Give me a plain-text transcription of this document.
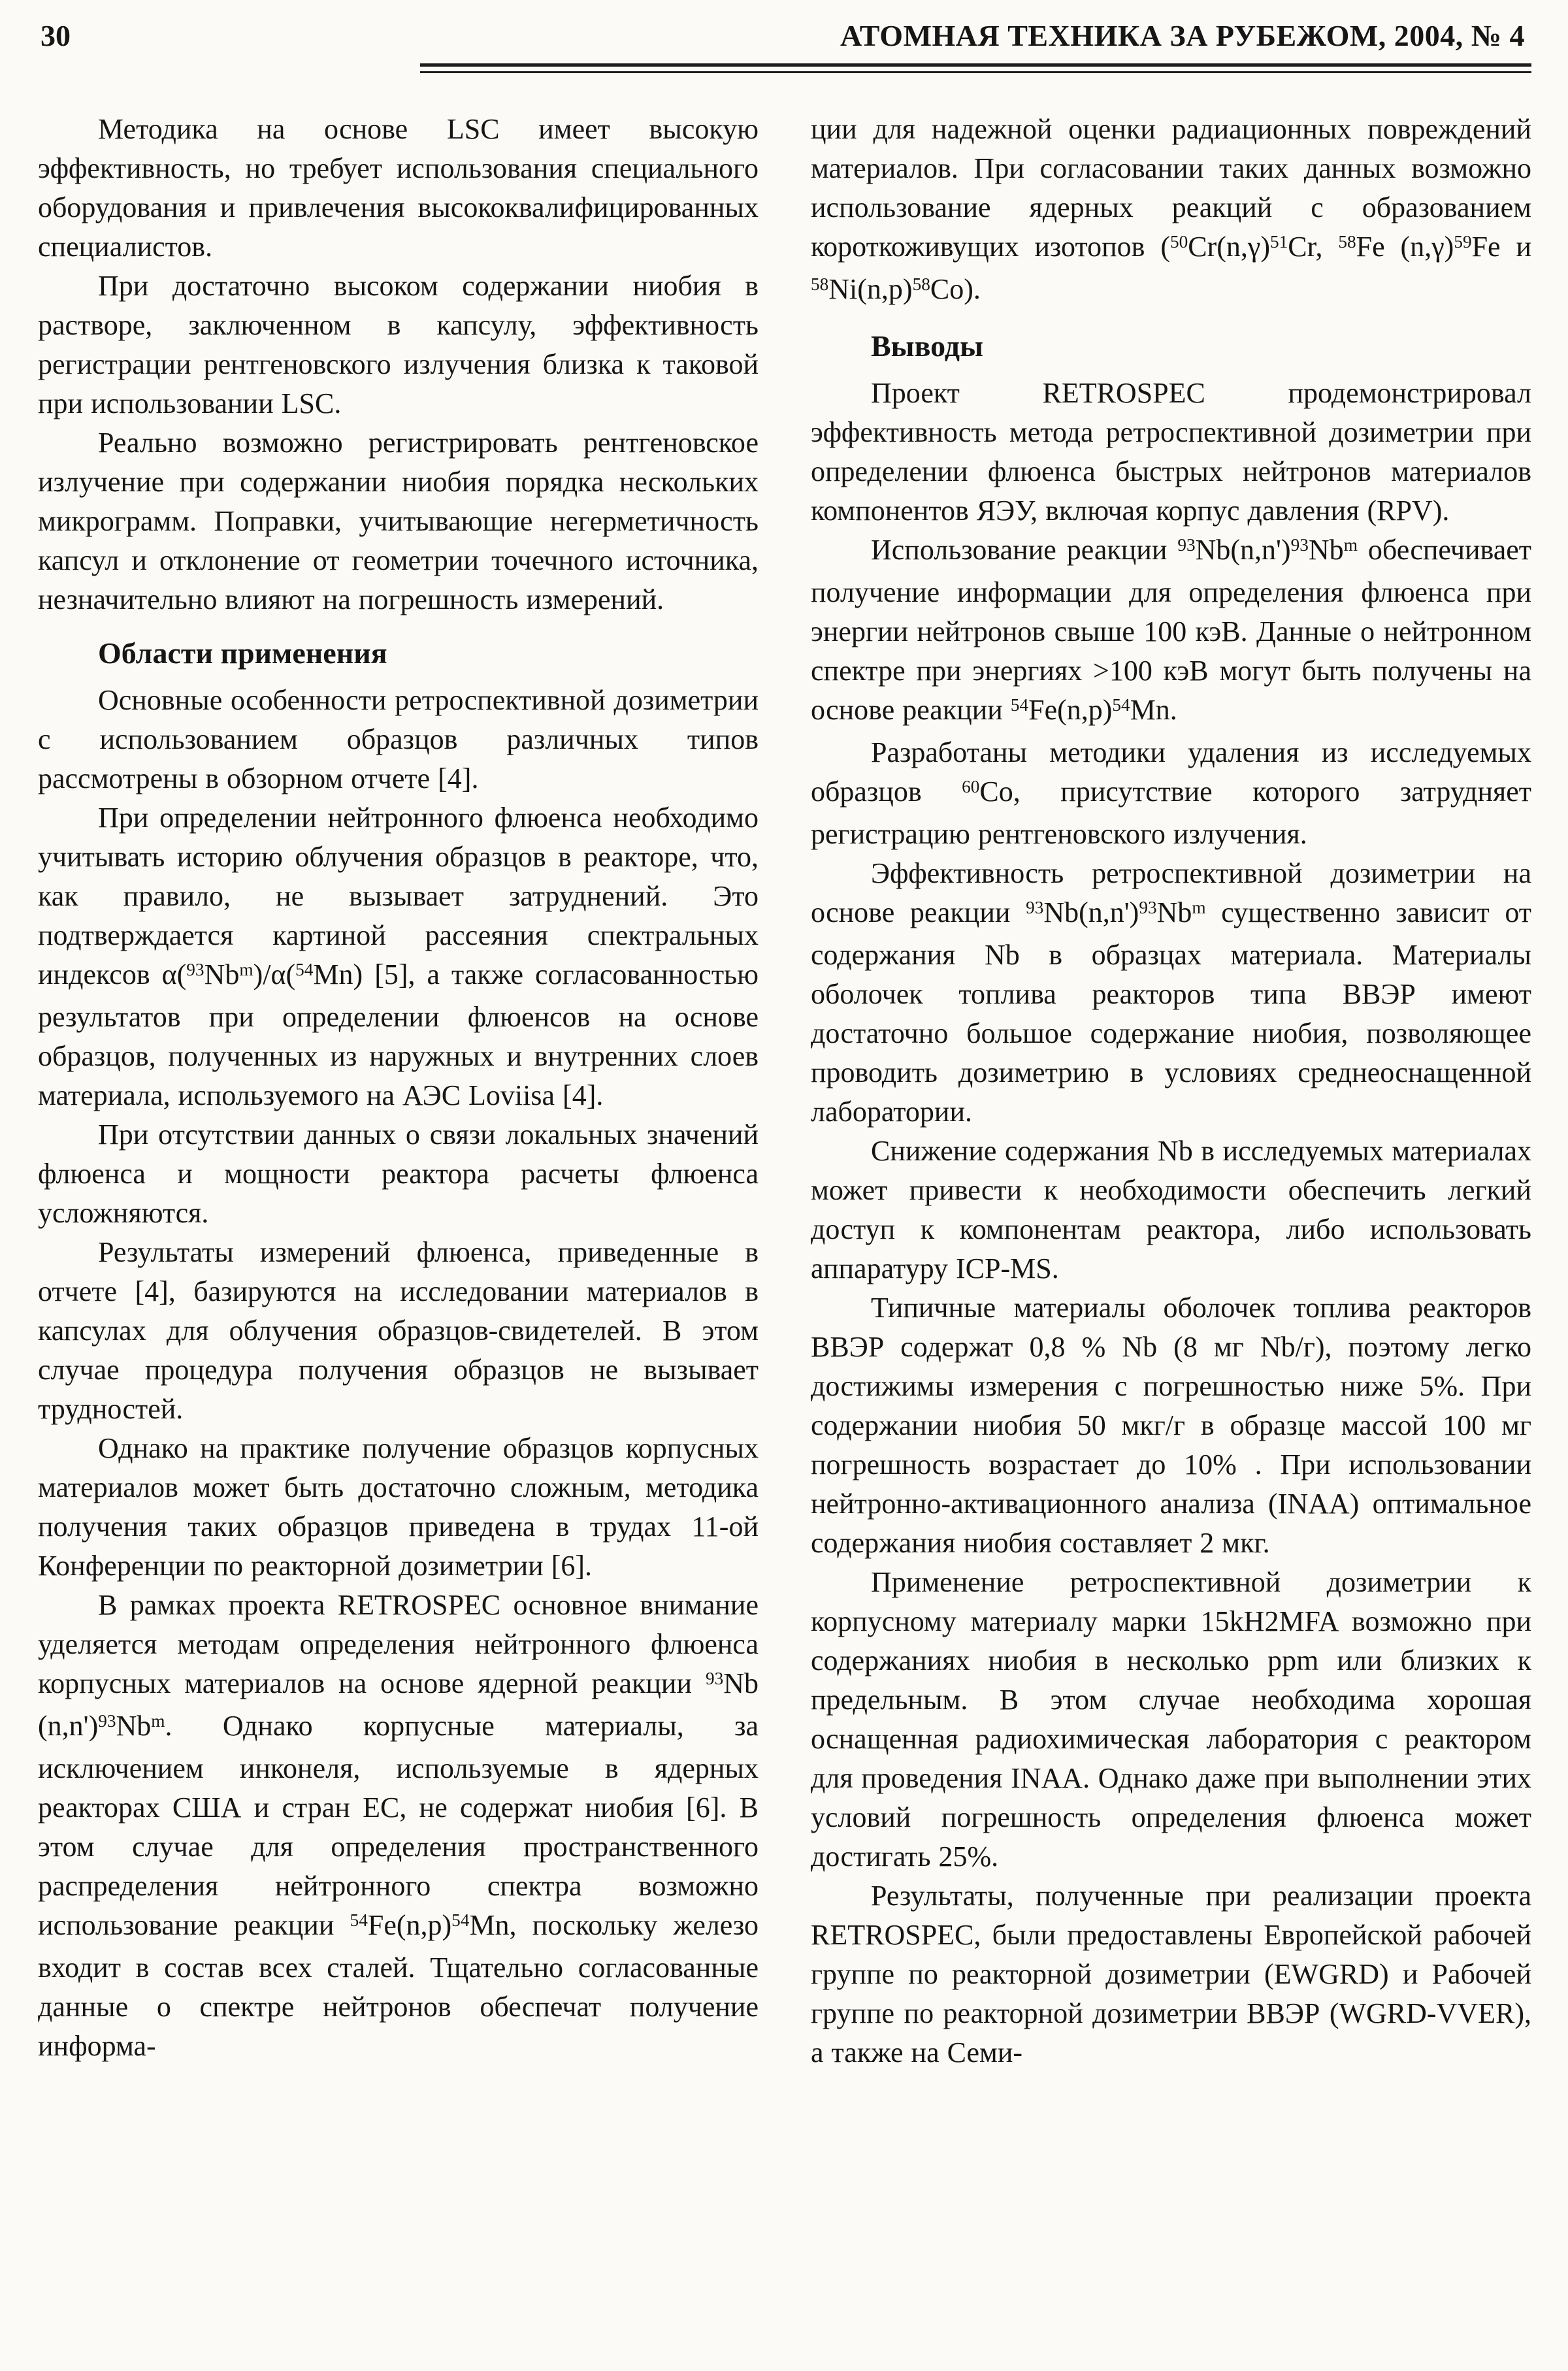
30	АТОМНАЯ ТЕХНИКА ЗА РУБЕЖОМ, 2004, № 4

Методика на основе LSC имеет высокую эффективность, но требует использования специального оборудования и привлечения высококвалифицированных специалистов.

При достаточно высоком содержании ниобия в растворе, заключенном в капсулу, эффективность регистрации рентгеновского излучения близка к таковой при использовании LSC.

Реально возможно регистрировать рентгеновское излучение при содержании ниобия порядка нескольких микрограмм. Поправки, учитывающие негерметичность капсул и отклонение от геометрии точечного источника, незначительно влияют на погрешность измерений.

Области применения

Основные особенности ретроспективной дозиметрии с использованием образцов различных типов рассмотрены в обзорном отчете [4].

При определении нейтронного флюенса необходимо учитывать историю облучения образцов в реакторе, что, как правило, не вызывает затруднений. Это подтверждается картиной рассеяния спектральных индексов α($^{93}$Nb$^m$)/α($^{54}$Mn) [5], а также согласованностью результатов при определении флюенсов на основе образцов, полученных из наружных и внутренних слоев материала, используемого на АЭС Loviisa [4].

При отсутствии данных о связи локальных значений флюенса и мощности реактора расчеты флюенса усложняются.

Результаты измерений флюенса, приведенные в отчете [4], базируются на исследовании материалов в капсулах для облучения образцов-свидетелей. В этом случае процедура получения образцов не вызывает трудностей.

Однако на практике получение образцов корпусных материалов может быть достаточно сложным, методика получения таких образцов приведена в трудах 11-ой Конференции по реакторной дозиметрии [6].

В рамках проекта RETROSPEC основное внимание уделяется методам определения нейтронного флюенса корпусных материалов на основе ядерной реакции $^{93}$Nb $(n,n')^{93}Nb^m$. Однако корпусные материалы, за исключением инконеля, используемые в ядерных реакторах США и стран ЕС, не содержат ниобия [6]. В этом случае для определения пространственного распределения нейтронного спектра возможно использование реакции $^{54}Fe(n,p)^{54}Mn$, поскольку железо входит в состав всех сталей. Тщательно согласованные данные о спектре нейтронов обеспечат получение информа-

ции для надежной оценки радиационных повреждений материалов. При согласовании таких данных возможно использование ядерных реакций с образованием короткоживущих изотопов ($^{50}Cr(n,\gamma)^{51}Cr$, $^{58}$Fe $(n,\gamma)^{59}Fe$ и $^{58}Ni(n,p)^{58}Co$).

Выводы

Проект RETROSPEC продемонстрировал эффективность метода ретроспективной дозиметрии при определении флюенса быстрых нейтронов материалов компонентов ЯЭУ, включая корпус давления (RPV).

Использование реакции $^{93}Nb(n,n')^{93}Nb^m$ обеспечивает получение информации для определения флюенса при энергии нейтронов свыше 100 кэВ. Данные о нейтронном спектре при энергиях >100 кэВ могут быть получены на основе реакции $^{54}Fe(n,p)^{54}Mn$.

Разработаны методики удаления из исследуемых образцов $^{60}$Co, присутствие которого затрудняет регистрацию рентгеновского излучения.

Эффективность ретроспективной дозиметрии на основе реакции $^{93}Nb(n,n')^{93}Nb^m$ существенно зависит от содержания Nb в образцах материала. Материалы оболочек топлива реакторов типа ВВЭР имеют достаточно большое содержание ниобия, позволяющее проводить дозиметрию в условиях среднеоснащенной лаборатории.

Снижение содержания Nb в исследуемых материалах может привести к необходимости обеспечить легкий доступ к компонентам реактора, либо использовать аппаратуру ICP-MS.

Типичные материалы оболочек топлива реакторов ВВЭР содержат 0,8 % Nb (8 мг Nb/г), поэтому легко достижимы измерения с погрешностью ниже 5%. При содержании ниобия 50 мкг/г в образце массой 100 мг погрешность возрастает до 10% . При использовании нейтронно-активационного анализа (INAA) оптимальное содержания ниобия составляет 2 мкг.

Применение ретроспективной дозиметрии к корпусному материалу марки 15kH2MFA возможно при содержаниях ниобия в несколько ppm или близких к предельным. В этом случае необходима хорошая оснащенная радиохимическая лаборатория с реактором для проведения INAA. Однако даже при выполнении этих условий погрешность определения флюенса может достигать 25%.

Результаты, полученные при реализации проекта RETROSPEC, были предоставлены Европейской рабочей группе по реакторной дозиметрии (EWGRD) и Рабочей группе по реакторной дозиметрии ВВЭР (WGRD-VVER), а также на Семи-
